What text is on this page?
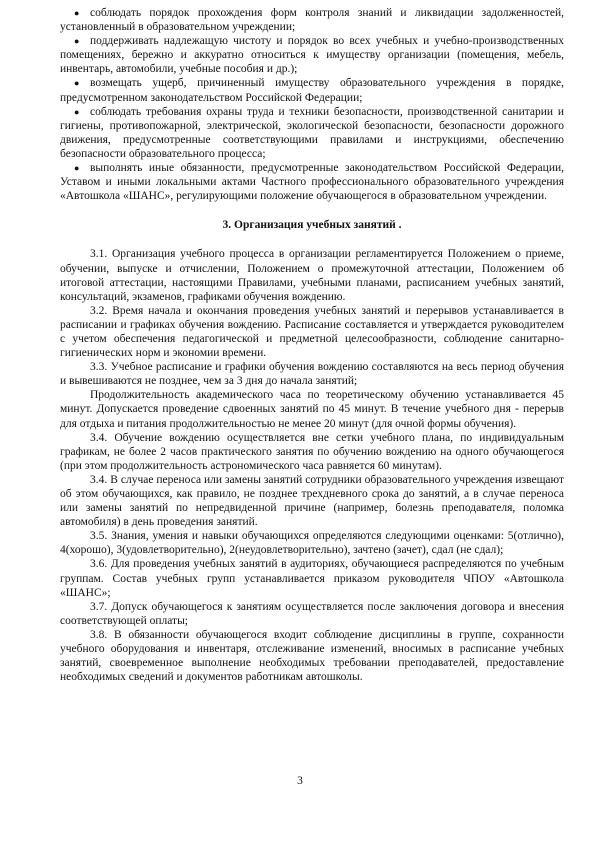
● соблюдать порядок прохождения форм контроля знаний и ликвидации задолженностей, установленный в образовательном учреждении;
● поддерживать надлежащую чистоту и порядок во всех учебных и учебно-производственных помещениях, бережно и аккуратно относиться к имуществу организации (помещения, мебель, инвентарь, автомобили, учебные пособия и др.);
● возмещать ущерб, причиненный имуществу образовательного учреждения в порядке, предусмотренном законодательством Российской Федерации;
● соблюдать требования охраны труда и техники безопасности, производственной санитарии и гигиены, противопожарной, электрической, экологической безопасности, безопасности дорожного движения, предусмотренные соответствующими правилами и инструкциями, обеспечению безопасности образовательного процесса;
● выполнять иные обязанности, предусмотренные законодательством Российской Федерации, Уставом и иными локальными актами Частного профессионального образовательного учреждения «Автошкола «ШАНС», регулирующими положение обучающегося в образовательном учреждении.
3. Организация учебных занятий .

3.1. Организация учебного процесса в организации регламентируется Положением о приеме, обучении, выпуске и отчислении, Положением о промежуточной аттестации, Положением об итоговой аттестации, настоящими Правилами, учебными планами, расписанием учебных занятий, консультаций, экзаменов, графиками обучения вождению.

3.2. Время начала и окончания проведения учебных занятий и перерывов устанавливается в расписании и графиках обучения вождению. Расписание составляется и утверждается руководителем с учетом обеспечения педагогической и предметной целесообразности, соблюдение санитарно-гигиенических норм и экономии времени.

3.3. Учебное расписание и графики обучения вождению составляются на весь период обучения и вывешиваются не позднее, чем за 3 дня до начала занятий;

Продолжительность академического часа по теоретическому обучению устанавливается 45 минут. Допускается проведение сдвоенных занятий по 45 минут. В течение учебного дня - перерыв для отдыха и питания продолжительностью не менее 20 минут (для очной формы обучения).

3.4. Обучение вождению осуществляется вне сетки учебного плана, по индивидуальным графикам, не более 2 часов практического занятия по обучению вождению на одного обучающегося (при этом продолжительность астрономического часа равняется 60 минутам).

3.4. В случае переноса или замены занятий сотрудники образовательного учреждения извещают об этом обучающихся, как правило, не позднее трехдневного срока до занятий, а в случае переноса или замены занятий по непредвиденной причине (например, болезнь преподавателя, поломка автомобиля) в день проведения занятий.

3.5. Знания, умения и навыки обучающихся определяются следующими оценками: 5(отлично), 4(хорошо), 3(удовлетворительно), 2(неудовлетворительно), зачтено (зачет), сдал (не сдал);

3.6. Для проведения учебных занятий в аудиториях, обучающиеся распределяются по учебным группам. Состав учебных групп устанавливается приказом руководителя ЧПОУ «Автошкола «ШАНС»;

3.7. Допуск обучающегося к занятиям осуществляется после заключения договора и внесения соответствующей оплаты;

3.8. В обязанности обучающегося входит соблюдение дисциплины в группе, сохранности учебного оборудования и инвентаря, отслеживание изменений, вносимых в расписание учебных занятий, своевременное выполнение необходимых требовании преподавателей, предоставление необходимых сведений и документов работникам автошколы.

3
